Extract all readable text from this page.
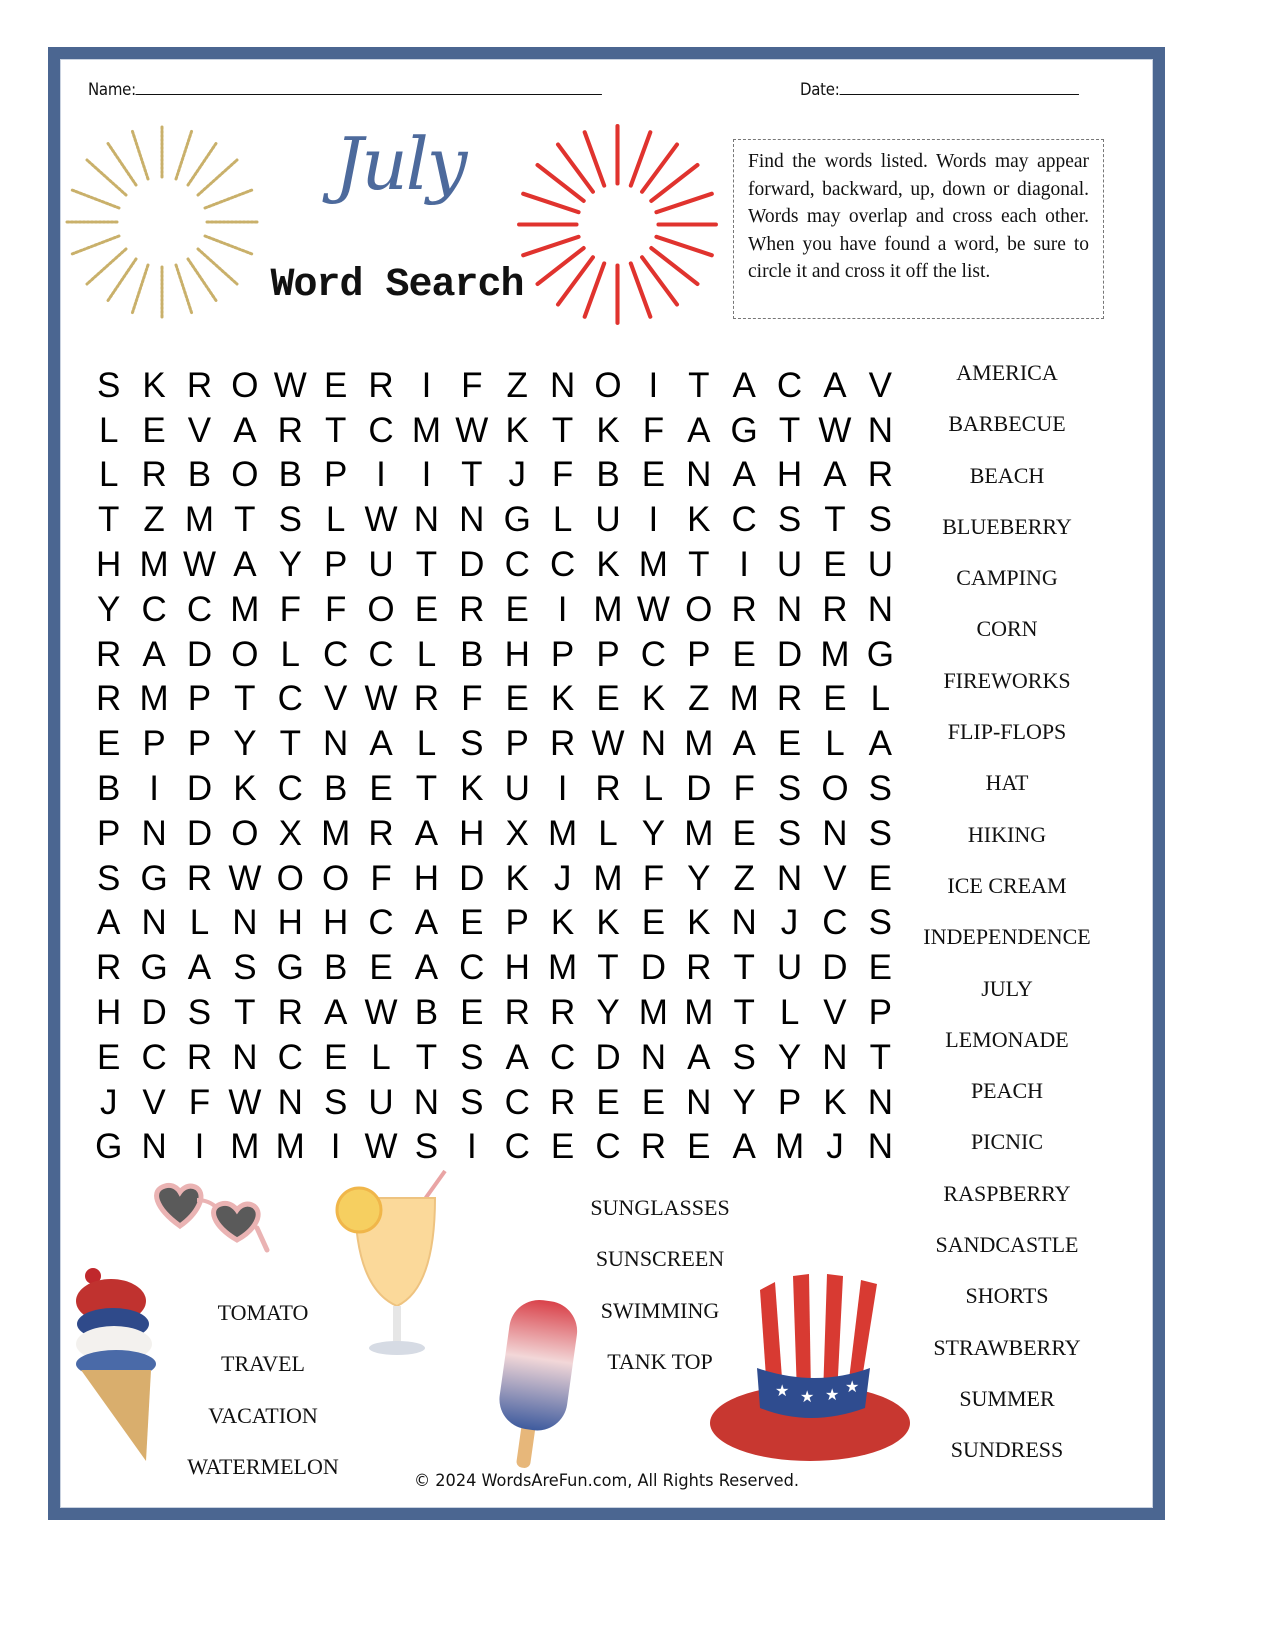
Name:	Date:
July
Word Search
Find the words listed. Words may appear forward, backward, up, down or diagonal. Words may overlap and cross each other. When you have found a word, be sure to circle it and cross it off the list.
S K R O W E R I F Z N O I T A C A V
L E V A R T C M W K T K F A G T W N
L R B O B P I	I T J F B E N A H A R
T Z M T S L W N N G L U I K C S T S
H M W A Y P U T D C C K M T I U E U
Y C C M F F O E R E I M W O R N R N
R A D O L C C L B H P P C P E D M G
R M P T C V W R F E K E K Z M R E L
E P P Y T N A L S P R W N M A E L A
B I D K C B E T K U I R L D F S O S
P N D O X M R A H X M L Y M E S N S
S G R W O O F H D K J M F Y Z N V E
A N L N H H C A E P K K E K N J C S
R G A S G B E A C H M T D R T U D E
H D S T R A W B E R R Y M M T L V P
E C R N C E L T S A C D N A S Y N T
J V F W N S U N S C R E E N Y P K N
G N I M M I W S I C E C R E A M J N
AMERICA
BARBECUE
BEACH
BLUEBERRY
CAMPING
CORN
FIREWORKS
FLIP-FLOPS
HAT
HIKING
ICE CREAM
INDEPENDENCE
JULY
LEMONADE
PEACH
PICNIC
RASPBERRY
SANDCASTLE
SHORTS
STRAWBERRY
SUMMER
SUNDRESS
SUNGLASSES
SUNSCREEN
SWIMMING
TANK TOP
TOMATO
TRAVEL
VACATION
WATERMELON
★ ★ ★ ★
© 2024 WordsAreFun.com, All Rights Reserved.
